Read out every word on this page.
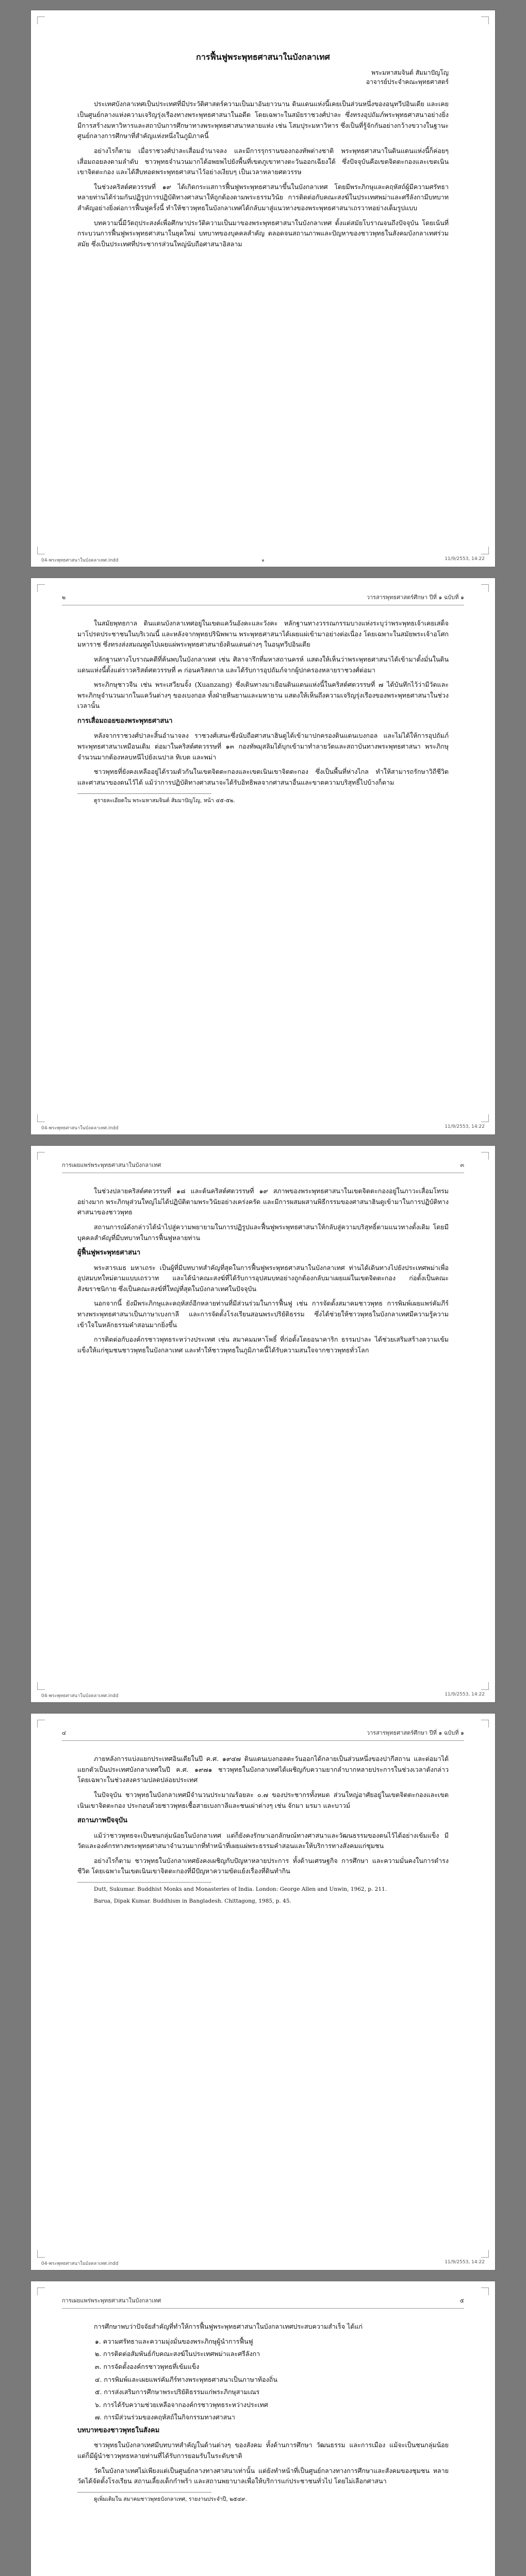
การฟื้นฟูพระพุทธศาสนาในบังกลาเทศ

พระมหาสมจินต์ สัมมาปัญโญ
อาจารย์ประจำคณะพุทธศาสตร์

ประเทศบังกลาเทศเป็นประเทศที่มีประวัติศาสตร์ความเป็นมาอันยาวนาน ดินแดนแห่งนี้เคยเป็นส่วนหนึ่งของอนุทวีปอินเดีย และเคยเป็นศูนย์กลางแห่งความเจริญรุ่งเรืองทางพระพุทธศาสนาในอดีต โดยเฉพาะในสมัยราชวงศ์ปาละ ซึ่งทรงอุปถัมภ์พระพุทธศาสนาอย่างยิ่ง มีการสร้างมหาวิหารและสถาบันการศึกษาทางพระพุทธศาสนาหลายแห่ง เช่น โสมปุระมหาวิหาร ซึ่งเป็นที่รู้จักกันอย่างกว้างขวางในฐานะศูนย์กลางการศึกษาที่สำคัญแห่งหนึ่งในภูมิภาคนี้

อย่างไรก็ตาม เมื่อราชวงศ์ปาละเสื่อมอำนาจลง และมีการรุกรานของกองทัพต่างชาติ พระพุทธศาสนาในดินแดนแห่งนี้ก็ค่อยๆ เสื่อมถอยลงตามลำดับ ชาวพุทธจำนวนมากได้อพยพไปยังพื้นที่เขตภูเขาทางตะวันออกเฉียงใต้ ซึ่งปัจจุบันคือเขตจิตตะกองและเขตเนินเขาจิตตะกอง และได้สืบทอดพระพุทธศาสนาไว้อย่างเงียบๆ เป็นเวลาหลายศตวรรษ

ในช่วงคริสต์ศตวรรษที่ ๑๙ ได้เกิดกระแสการฟื้นฟูพระพุทธศาสนาขึ้นในบังกลาเทศ โดยมีพระภิกษุและคฤหัสถ์ผู้มีความศรัทธาหลายท่านได้ร่วมกันปฏิรูปการปฏิบัติทางศาสนาให้ถูกต้องตามพระธรรมวินัย การติดต่อกับคณะสงฆ์ในประเทศพม่าและศรีลังกามีบทบาทสำคัญอย่างยิ่งต่อการฟื้นฟูครั้งนี้ ทำให้ชาวพุทธในบังกลาเทศได้กลับมาสู่แนวทางของพระพุทธศาสนาเถรวาทอย่างเต็มรูปแบบ

บทความนี้มีวัตถุประสงค์เพื่อศึกษาประวัติความเป็นมาของพระพุทธศาสนาในบังกลาเทศ ตั้งแต่สมัยโบราณจนถึงปัจจุบัน โดยเน้นที่กระบวนการฟื้นฟูพระพุทธศาสนาในยุคใหม่ บทบาทของบุคคลสำคัญ ตลอดจนสถานภาพและปัญหาของชาวพุทธในสังคมบังกลาเทศร่วมสมัย ซึ่งเป็นประเทศที่ประชากรส่วนใหญ่นับถือศาสนาอิสลาม

04-พระพุทธศาสนาในบังคลาเทศ.indd	๑	11/9/2553, 14:22
๒	วารสารพุทธศาสตร์ศึกษา ปีที่ ๑ ฉบับที่ ๑

ในสมัยพุทธกาล ดินแดนบังกลาเทศอยู่ในเขตแคว้นอังคะและวังคะ หลักฐานทางวรรณกรรมบางแห่งระบุว่าพระพุทธเจ้าเคยเสด็จมาโปรดประชาชนในบริเวณนี้ และหลังจากพุทธปรินิพพาน พระพุทธศาสนาได้เผยแผ่เข้ามาอย่างต่อเนื่อง โดยเฉพาะในสมัยพระเจ้าอโศกมหาราช ซึ่งทรงส่งสมณทูตไปเผยแผ่พระพุทธศาสนายังดินแดนต่างๆ ในอนุทวีปอินเดีย

หลักฐานทางโบราณคดีที่ค้นพบในบังกลาเทศ เช่น ศิลาจารึกที่มหาสถานครห์ แสดงให้เห็นว่าพระพุทธศาสนาได้เข้ามาตั้งมั่นในดินแดนแห่งนี้ตั้งแต่ราวคริสต์ศตวรรษที่ ๓ ก่อนคริสตกาล และได้รับการอุปถัมภ์จากผู้ปกครองหลายราชวงศ์ต่อมา

พระภิกษุชาวจีน เช่น พระเสวียนจั้ง (Xuanzang) ซึ่งเดินทางมาเยือนดินแดนแห่งนี้ในคริสต์ศตวรรษที่ ๗ ได้บันทึกไว้ว่ามีวัดและพระภิกษุจำนวนมากในแคว้นต่างๆ ของเบงกอล ทั้งฝ่ายหีนยานและมหายาน แสดงให้เห็นถึงความเจริญรุ่งเรืองของพระพุทธศาสนาในช่วงเวลานั้น

การเสื่อมถอยของพระพุทธศาสนา

หลังจากราชวงศ์ปาละสิ้นอำนาจลง ราชวงศ์เสนะซึ่งนับถือศาสนาฮินดูได้เข้ามาปกครองดินแดนเบงกอล และไม่ได้ให้การอุปถัมภ์พระพุทธศาสนาเหมือนเดิม ต่อมาในคริสต์ศตวรรษที่ ๑๓ กองทัพมุสลิมได้บุกเข้ามาทำลายวัดและสถาบันทางพระพุทธศาสนา พระภิกษุจำนวนมากต้องหลบหนีไปยังเนปาล ทิเบต และพม่า

ชาวพุทธที่ยังคงเหลืออยู่ได้รวมตัวกันในเขตจิตตะกองและเขตเนินเขาจิตตะกอง ซึ่งเป็นพื้นที่ห่างไกล ทำให้สามารถรักษาวิถีชีวิตและศาสนาของตนไว้ได้ แม้ว่าการปฏิบัติทางศาสนาจะได้รับอิทธิพลจากศาสนาอื่นและขาดความบริสุทธิ์ไปบ้างก็ตาม

ดูรายละเอียดใน พระมหาสมจินต์ สัมมาปัญโญ, หน้า ๔๕-๕๒.

04-พระพุทธศาสนาในบังคลาเทศ.indd	11/9/2553, 14:22
การเผยแพร่พระพุทธศาสนาในบังกลาเทศ	๓

ในช่วงปลายคริสต์ศตวรรษที่ ๑๘ และต้นคริสต์ศตวรรษที่ ๑๙ สภาพของพระพุทธศาสนาในเขตจิตตะกองอยู่ในภาวะเสื่อมโทรมอย่างมาก พระภิกษุส่วนใหญ่ไม่ได้ปฏิบัติตามพระวินัยอย่างเคร่งครัด และมีการผสมผสานพิธีกรรมของศาสนาฮินดูเข้ามาในการปฏิบัติทางศาสนาของชาวพุทธ

สถานการณ์ดังกล่าวได้นำไปสู่ความพยายามในการปฏิรูปและฟื้นฟูพระพุทธศาสนาให้กลับสู่ความบริสุทธิ์ตามแนวทางดั้งเดิม โดยมีบุคคลสำคัญที่มีบทบาทในการฟื้นฟูหลายท่าน

ผู้ฟื้นฟูพระพุทธศาสนา

พระสารเมธ มหาเถระ เป็นผู้ที่มีบทบาทสำคัญที่สุดในการฟื้นฟูพระพุทธศาสนาในบังกลาเทศ ท่านได้เดินทางไปยังประเทศพม่าเพื่ออุปสมบทใหม่ตามแบบเถรวาท และได้นำคณะสงฆ์ที่ได้รับการอุปสมบทอย่างถูกต้องกลับมาเผยแผ่ในเขตจิตตะกอง ก่อตั้งเป็นคณะสังฆราชนิกาย ซึ่งเป็นคณะสงฆ์ที่ใหญ่ที่สุดในบังกลาเทศในปัจจุบัน

นอกจากนี้ ยังมีพระภิกษุและคฤหัสถ์อีกหลายท่านที่มีส่วนร่วมในการฟื้นฟู เช่น การจัดตั้งสมาคมชาวพุทธ การพิมพ์เผยแพร่คัมภีร์ทางพระพุทธศาสนาเป็นภาษาเบงกาลี และการจัดตั้งโรงเรียนสอนพระปริยัติธรรม ซึ่งได้ช่วยให้ชาวพุทธในบังกลาเทศมีความรู้ความเข้าใจในหลักธรรมคำสอนมากยิ่งขึ้น

การติดต่อกับองค์กรชาวพุทธระหว่างประเทศ เช่น สมาคมมหาโพธิ์ ที่ก่อตั้งโดยอนาคาริก ธรรมปาละ ได้ช่วยเสริมสร้างความเข้มแข็งให้แก่ชุมชนชาวพุทธในบังกลาเทศ และทำให้ชาวพุทธในภูมิภาคนี้ได้รับความสนใจจากชาวพุทธทั่วโลก

04-พระพุทธศาสนาในบังคลาเทศ.indd	11/9/2553, 14:22
๔	วารสารพุทธศาสตร์ศึกษา ปีที่ ๑ ฉบับที่ ๑

ภายหลังการแบ่งแยกประเทศอินเดียในปี ค.ศ. ๑๙๔๗ ดินแดนเบงกอลตะวันออกได้กลายเป็นส่วนหนึ่งของปากีสถาน และต่อมาได้แยกตัวเป็นประเทศบังกลาเทศในปี ค.ศ. ๑๙๗๑ ชาวพุทธในบังกลาเทศได้เผชิญกับความยากลำบากหลายประการในช่วงเวลาดังกล่าว โดยเฉพาะในช่วงสงครามปลดปล่อยประเทศ

ในปัจจุบัน ชาวพุทธในบังกลาเทศมีจำนวนประมาณร้อยละ ๐.๗ ของประชากรทั้งหมด ส่วนใหญ่อาศัยอยู่ในเขตจิตตะกองและเขตเนินเขาจิตตะกอง ประกอบด้วยชาวพุทธเชื้อสายเบงกาลีและชนเผ่าต่างๆ เช่น จักมา มรมา และบาวม์

สถานภาพปัจจุบัน

แม้ว่าชาวพุทธจะเป็นชนกลุ่มน้อยในบังกลาเทศ แต่ก็ยังคงรักษาเอกลักษณ์ทางศาสนาและวัฒนธรรมของตนไว้ได้อย่างเข้มแข็ง มีวัดและองค์กรทางพระพุทธศาสนาจำนวนมากที่ทำหน้าที่เผยแผ่พระธรรมคำสอนและให้บริการทางสังคมแก่ชุมชน

อย่างไรก็ตาม ชาวพุทธในบังกลาเทศยังคงเผชิญกับปัญหาหลายประการ ทั้งด้านเศรษฐกิจ การศึกษา และความมั่นคงในการดำรงชีวิต โดยเฉพาะในเขตเนินเขาจิตตะกองที่มีปัญหาความขัดแย้งเรื่องที่ดินทำกิน

Dutt, Sukumar. Buddhist Monks and Monasteries of India. London: George Allen and Unwin, 1962, p. 211.

Barua, Dipak Kumar. Buddhism in Bangladesh. Chittagong, 1985, p. 45.

04-พระพุทธศาสนาในบังคลาเทศ.indd	11/9/2553, 14:22
การเผยแพร่พระพุทธศาสนาในบังกลาเทศ	๕

การศึกษาพบว่าปัจจัยสำคัญที่ทำให้การฟื้นฟูพระพุทธศาสนาในบังกลาเทศประสบความสำเร็จ ได้แก่

๑. ความศรัทธาและความมุ่งมั่นของพระภิกษุผู้นำการฟื้นฟู
๒. การติดต่อสัมพันธ์กับคณะสงฆ์ในประเทศพม่าและศรีลังกา
๓. การจัดตั้งองค์กรชาวพุทธที่เข้มแข็ง
๔. การพิมพ์และเผยแพร่คัมภีร์ทางพระพุทธศาสนาเป็นภาษาท้องถิ่น
๕. การส่งเสริมการศึกษาพระปริยัติธรรมแก่พระภิกษุสามเณร
๖. การได้รับความช่วยเหลือจากองค์กรชาวพุทธระหว่างประเทศ
๗. การมีส่วนร่วมของคฤหัสถ์ในกิจกรรมทางศาสนา

บทบาทของชาวพุทธในสังคม

ชาวพุทธในบังกลาเทศมีบทบาทสำคัญในด้านต่างๆ ของสังคม ทั้งด้านการศึกษา วัฒนธรรม และการเมือง แม้จะเป็นชนกลุ่มน้อย แต่ก็มีผู้นำชาวพุทธหลายท่านที่ได้รับการยอมรับในระดับชาติ

วัดในบังกลาเทศไม่เพียงแต่เป็นศูนย์กลางทางศาสนาเท่านั้น แต่ยังทำหน้าที่เป็นศูนย์กลางทางการศึกษาและสังคมของชุมชน หลายวัดได้จัดตั้งโรงเรียน สถานเลี้ยงเด็กกำพร้า และสถานพยาบาลเพื่อให้บริการแก่ประชาชนทั่วไป โดยไม่เลือกศาสนา

ดูเพิ่มเติมใน สมาคมชาวพุทธบังกลาเทศ, รายงานประจำปี, ๒๕๔๙.
